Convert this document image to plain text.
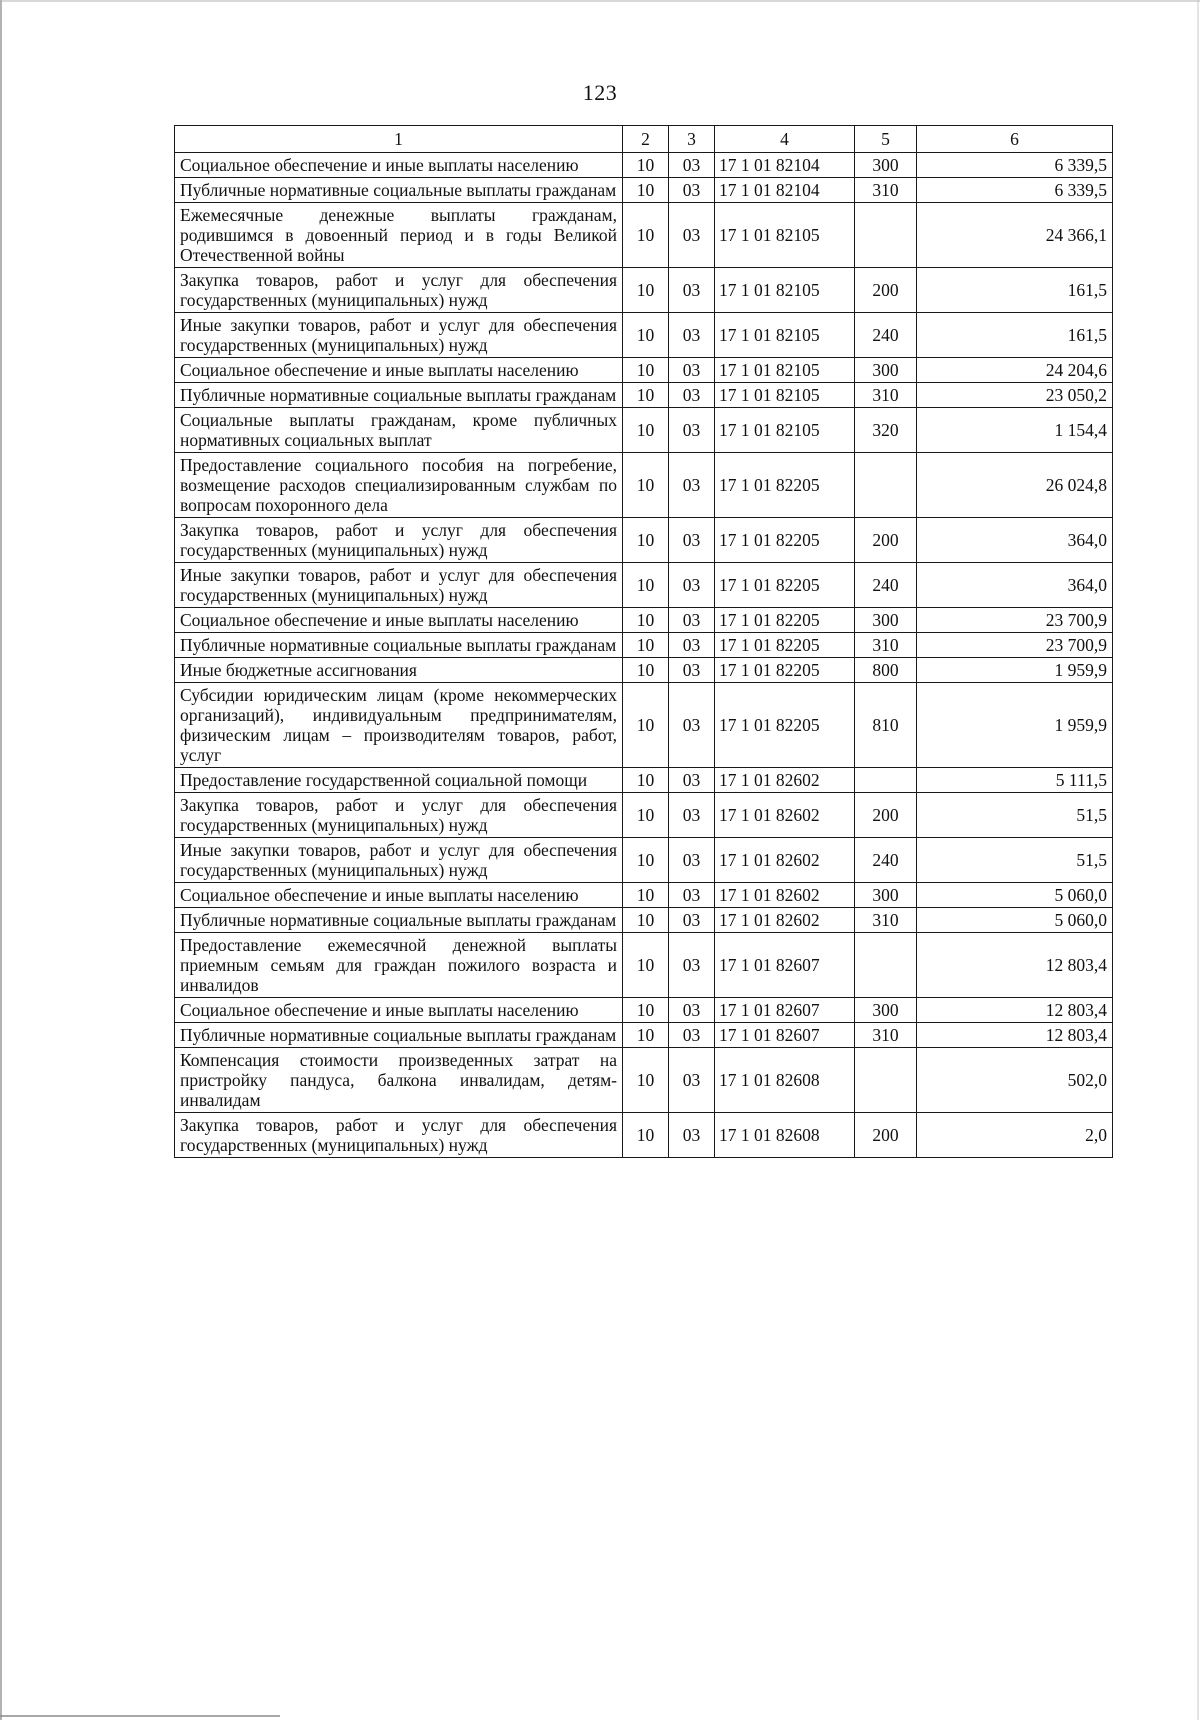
123
1	2	3	4	5	6
Социальное обеспечение и иные выплаты населению	10	03	17 1 01 82104	300	6 339,5
Публичные нормативные социальные выплаты гражданам	10	03	17 1 01 82104	310	6 339,5
Ежемесячные денежные выплаты гражданам, родившимся в довоенный период и в годы Великой Отечественной войны	10	03	17 1 01 82105		24 366,1
Закупка товаров, работ и услуг для обеспечения государственных (муниципальных) нужд	10	03	17 1 01 82105	200	161,5
Иные закупки товаров, работ и услуг для обеспечения государственных (муниципальных) нужд	10	03	17 1 01 82105	240	161,5
Социальное обеспечение и иные выплаты населению	10	03	17 1 01 82105	300	24 204,6
Публичные нормативные социальные выплаты гражданам	10	03	17 1 01 82105	310	23 050,2
Социальные выплаты гражданам, кроме публичных нормативных социальных выплат	10	03	17 1 01 82105	320	1 154,4
Предоставление социального пособия на погребение, возмещение расходов специализированным службам по вопросам похоронного дела	10	03	17 1 01 82205		26 024,8
Закупка товаров, работ и услуг для обеспечения государственных (муниципальных) нужд	10	03	17 1 01 82205	200	364,0
Иные закупки товаров, работ и услуг для обеспечения государственных (муниципальных) нужд	10	03	17 1 01 82205	240	364,0
Социальное обеспечение и иные выплаты населению	10	03	17 1 01 82205	300	23 700,9
Публичные нормативные социальные выплаты гражданам	10	03	17 1 01 82205	310	23 700,9
Иные бюджетные ассигнования	10	03	17 1 01 82205	800	1 959,9
Субсидии юридическим лицам (кроме некоммерческих организаций), индивидуальным предпринимателям, физическим лицам – производителям товаров, работ, услуг	10	03	17 1 01 82205	810	1 959,9
Предоставление государственной социальной помощи	10	03	17 1 01 82602		5 111,5
Закупка товаров, работ и услуг для обеспечения государственных (муниципальных) нужд	10	03	17 1 01 82602	200	51,5
Иные закупки товаров, работ и услуг для обеспечения государственных (муниципальных) нужд	10	03	17 1 01 82602	240	51,5
Социальное обеспечение и иные выплаты населению	10	03	17 1 01 82602	300	5 060,0
Публичные нормативные социальные выплаты гражданам	10	03	17 1 01 82602	310	5 060,0
Предоставление ежемесячной денежной выплаты приемным семьям для граждан пожилого возраста и инвалидов	10	03	17 1 01 82607		12 803,4
Социальное обеспечение и иные выплаты населению	10	03	17 1 01 82607	300	12 803,4
Публичные нормативные социальные выплаты гражданам	10	03	17 1 01 82607	310	12 803,4
Компенсация стоимости произведенных затрат на пристройку пандуса, балкона инвалидам, детям-инвалидам	10	03	17 1 01 82608		502,0
Закупка товаров, работ и услуг для обеспечения государственных (муниципальных) нужд	10	03	17 1 01 82608	200	2,0
